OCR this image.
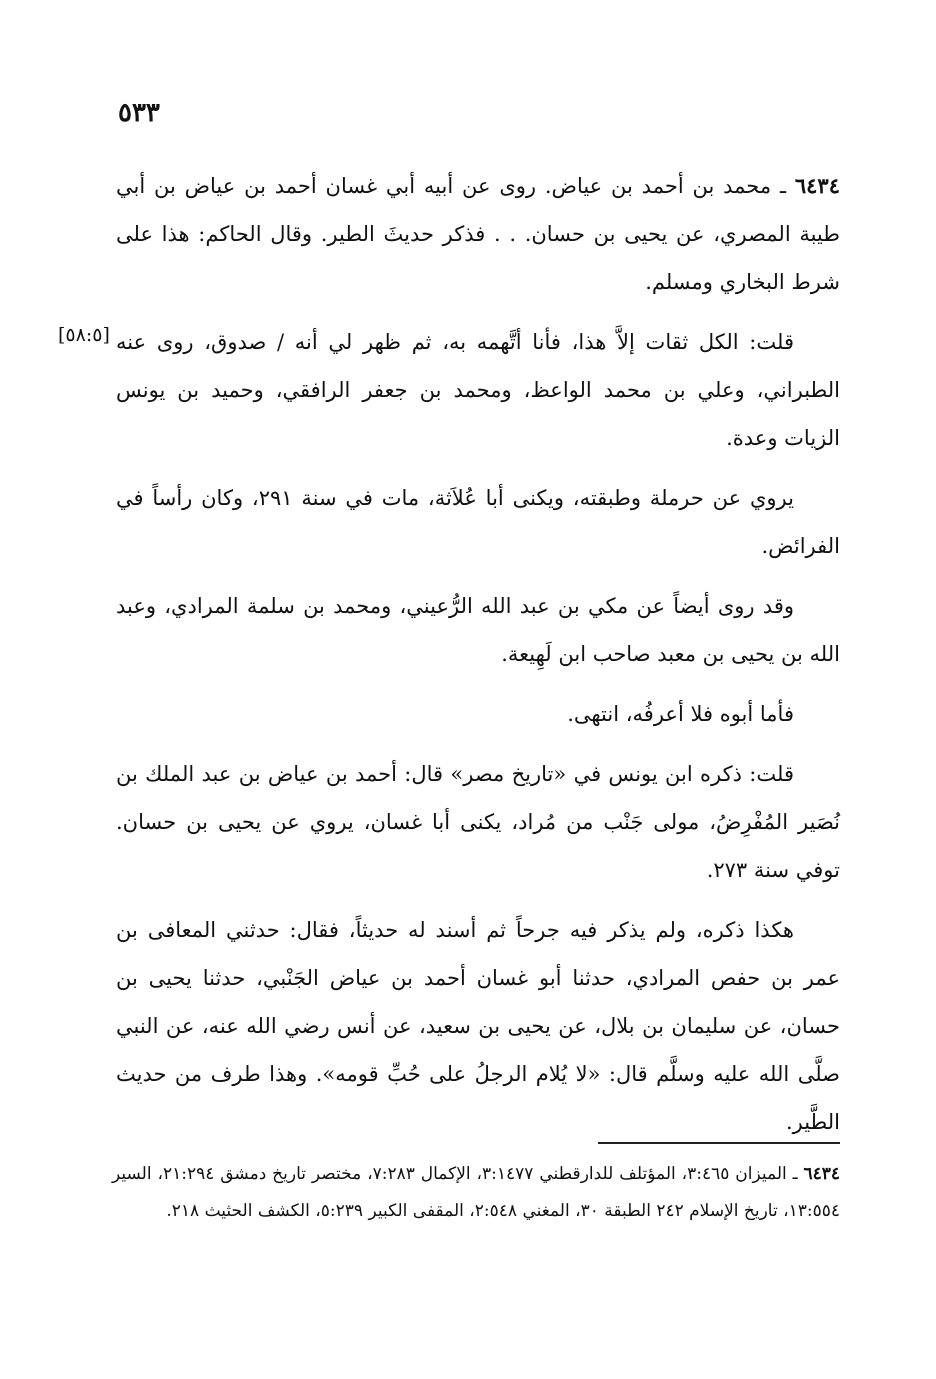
٥٣٣
[٥٨:٥]

٦٤٣٤ ـ محمد بن أحمد بن عياض. روى عن أبيه أبي غسان أحمد بن عياض بن أبي طيبة المصري، عن يحيى بن حسان. . . فذكر حديثَ الطير. وقال الحاكم: هذا على شرط البخاري ومسلم.

قلت: الكل ثقات إلاَّ هذا، فأنا أتَّهمه به، ثم ظهر لي أنه / صدوق، روى عنه الطبراني، وعلي بن محمد الواعظ، ومحمد بن جعفر الرافقي، وحميد بن يونس الزيات وعدة.

يروي عن حرملة وطبقته، ويكنى أبا عُلاَثة، مات في سنة ٢٩١، وكان رأساً في الفرائض.

وقد روى أيضاً عن مكي بن عبد الله الرُّعيني، ومحمد بن سلمة المرادي، وعبد الله بن يحيى بن معبد صاحب ابن لَهِيعة.

فأما أبوه فلا أعرفُه، انتهى.

قلت: ذكره ابن يونس في «تاريخ مصر» قال: أحمد بن عياض بن عبد الملك بن نُصَير المُفْرِضُ، مولى جَنْب من مُراد، يكنى أبا غسان، يروي عن يحيى بن حسان. توفي سنة ٢٧٣.

هكذا ذكره، ولم يذكر فيه جرحاً ثم أسند له حديثاً، فقال: حدثني المعافى بن عمر بن حفص المرادي، حدثنا أبو غسان أحمد بن عياض الجَنْبي، حدثنا يحيى بن حسان، عن سليمان بن بلال، عن يحيى بن سعيد، عن أنس رضي الله عنه، عن النبي صلَّى الله عليه وسلَّم قال: «لا يُلام الرجلُ على حُبِّ قومه». وهذا طرف من حديث الطَّير.

٦٤٣٤ ـ الميزان ٣:٤٦٥، المؤتلف للدارقطني ٣:١٤٧٧، الإكمال ٧:٢٨٣، مختصر تاريخ دمشق ٢١:٢٩٤، السير ١٣:٥٥٤، تاريخ الإسلام ٢٤٢ الطبقة ٣٠، المغني ٢:٥٤٨، المقفى الكبير ٥:٢٣٩، الكشف الحثيث ٢١٨.
